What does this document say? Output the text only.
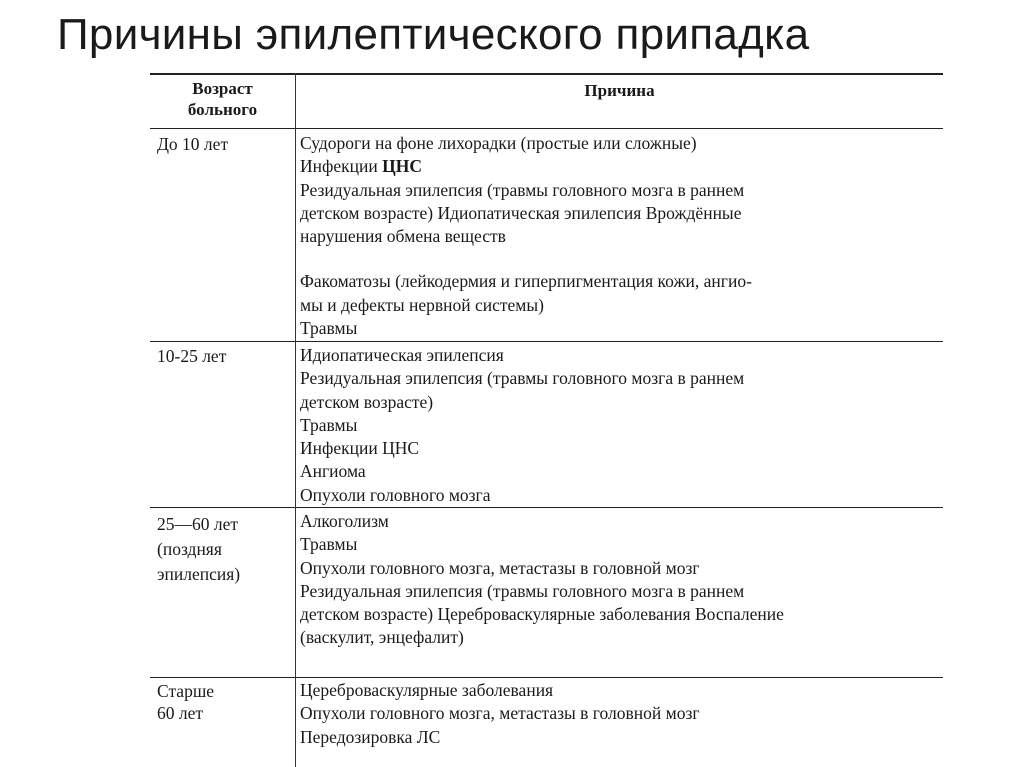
Причины эпилептического припадка
Возраст
больного
Причина
До 10 лет	Судороги на фоне лихорадки (простые или сложные)
Инфекции ЦНС
Резидуальная эпилепсия (травмы головного мозга в раннем
детском возрасте) Идиопатическая эпилепсия Врождённые
нарушения обмена веществ
Факоматозы (лейкодермия и гиперпигментация кожи, ангио-
мы и дефекты нервной системы)
Травмы
10-25 лет	Идиопатическая эпилепсия
Резидуальная эпилепсия (травмы головного мозга в раннем
детском возрасте)
Травмы
Инфекции ЦНС
Ангиома
Опухоли головного мозга
25—60 лет
(поздняя
эпилепсия)
Алкоголизм
Травмы
Опухоли головного мозга, метастазы в головной мозг
Резидуальная эпилепсия (травмы головного мозга в раннем
детском возрасте) Цереброваскулярные заболевания Воспаление
(васкулит, энцефалит)
Старше
60 лет
Цереброваскулярные заболевания
Опухоли головного мозга, метастазы в головной мозг
Передозировка ЛС
